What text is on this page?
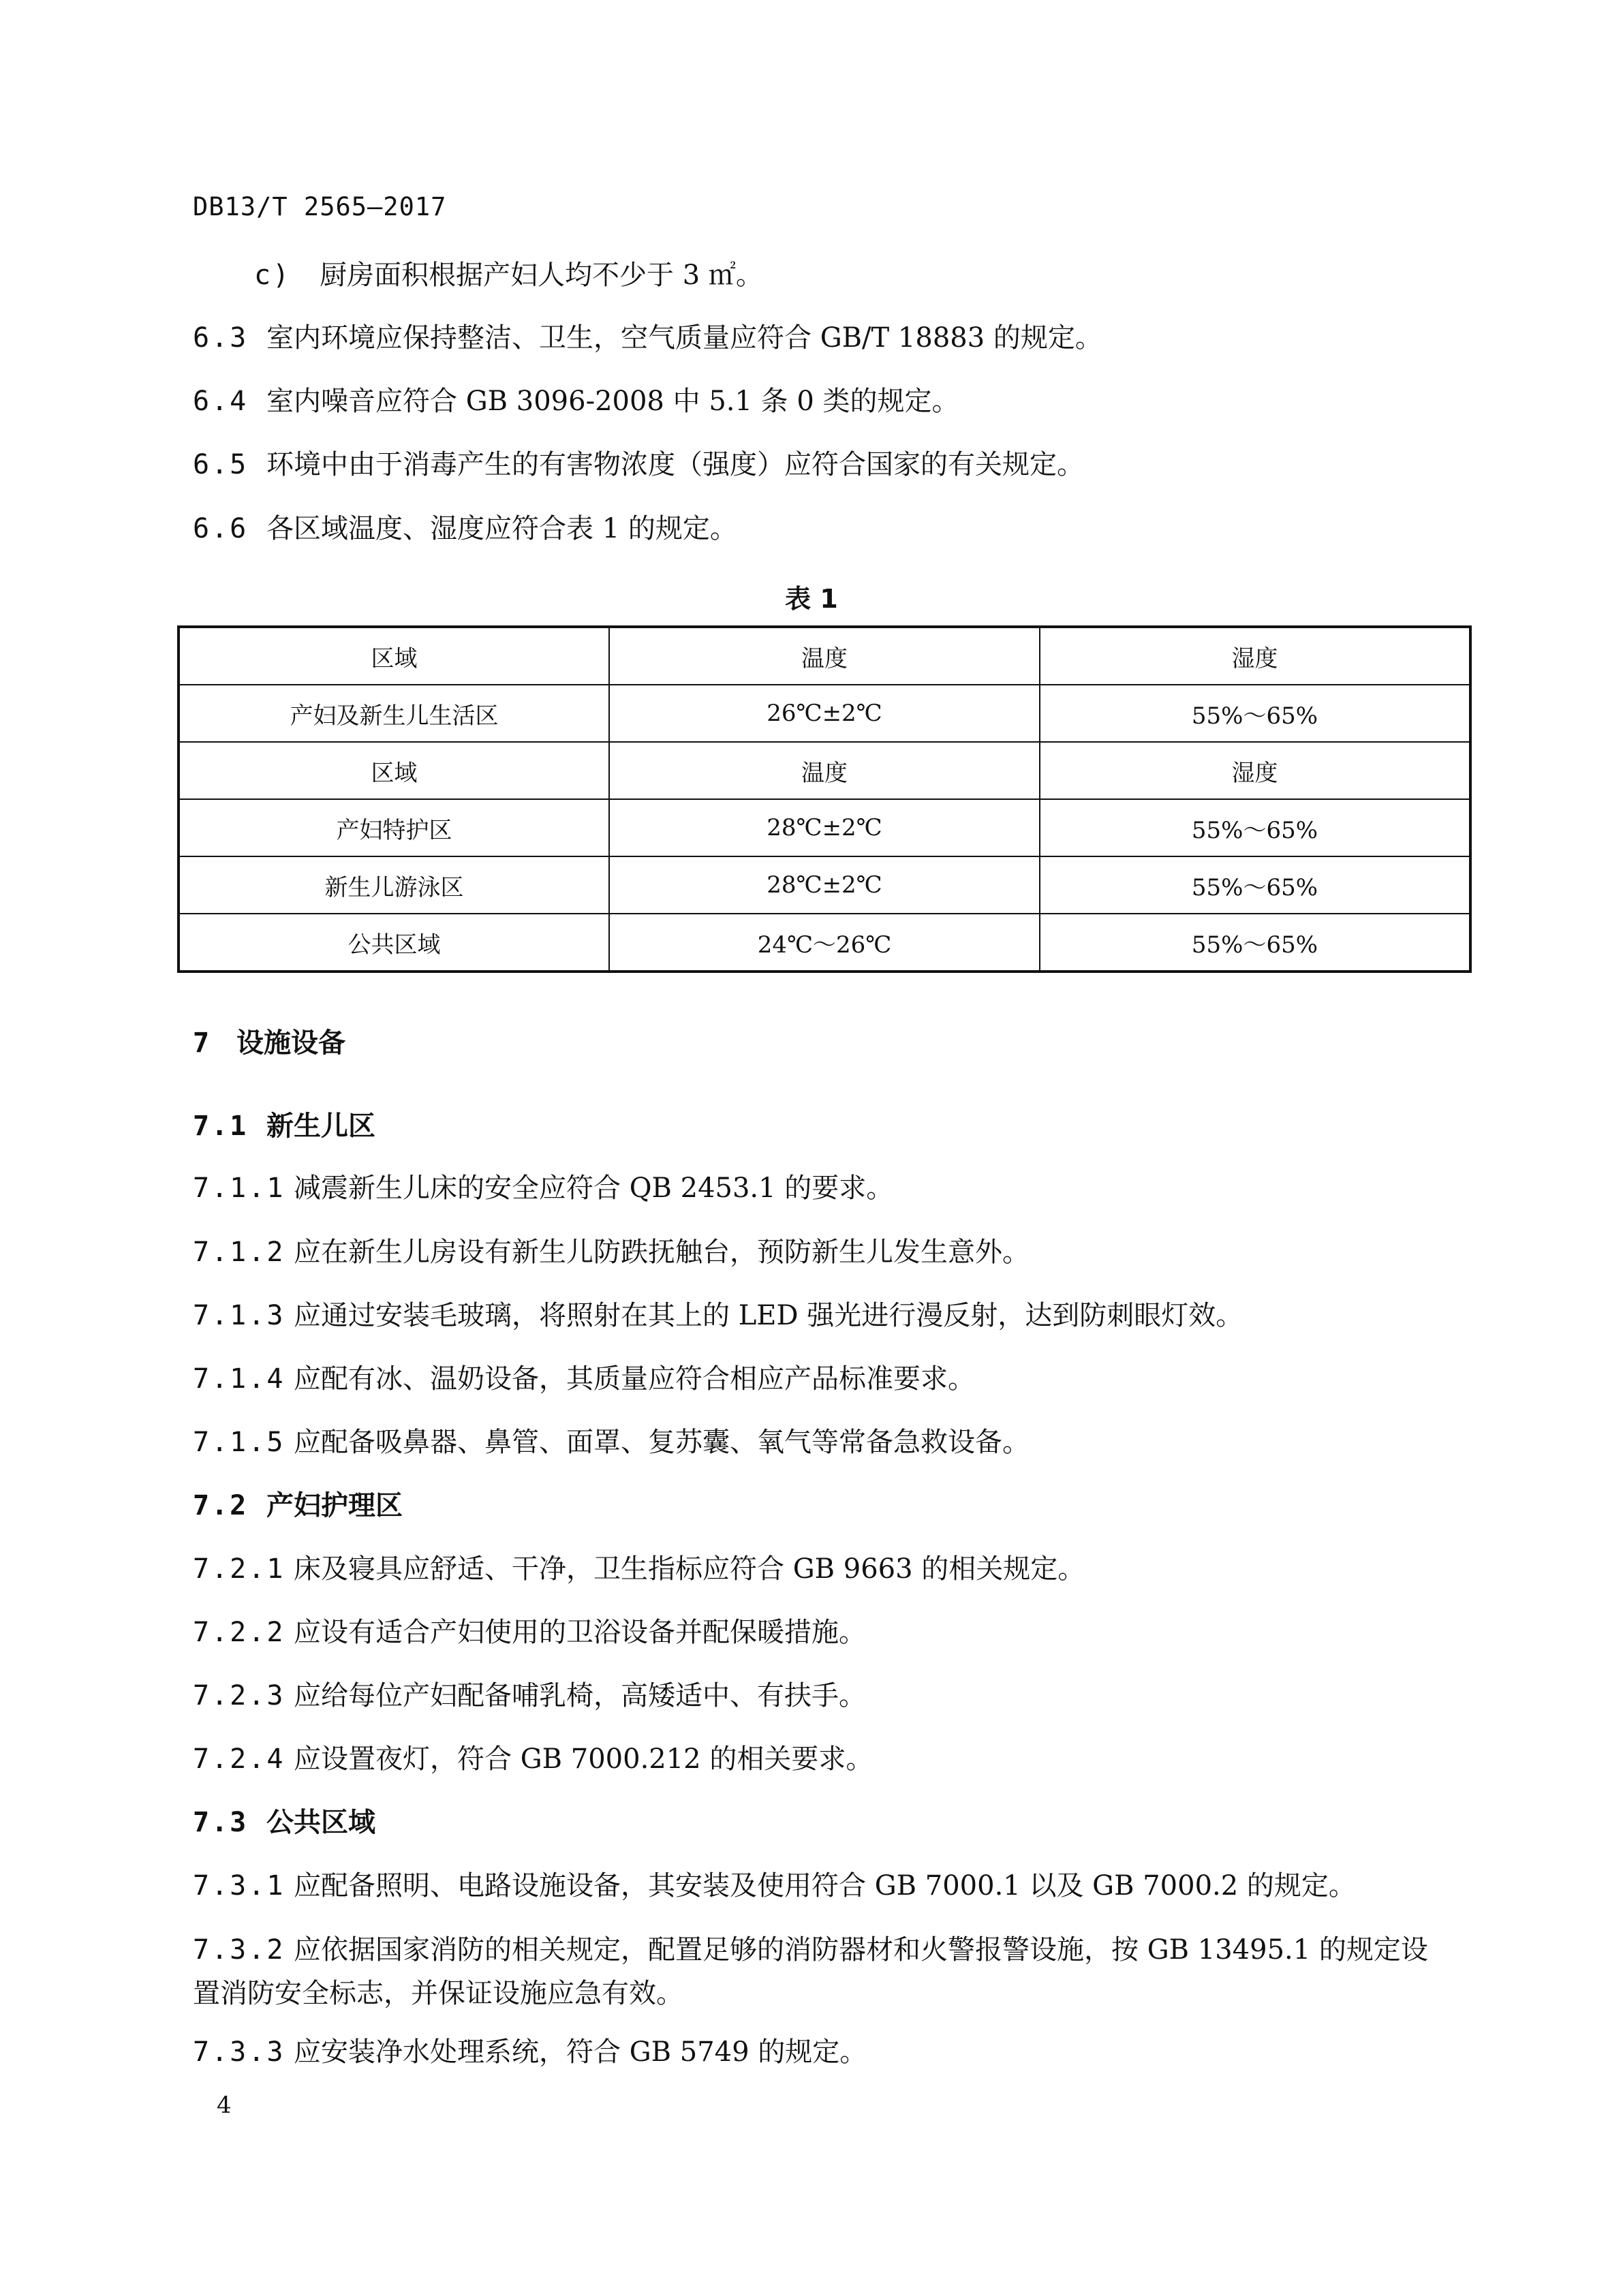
DB13/T 2565—2017
c) 厨房面积根据产妇人均不少于 3 ㎡。
6.3 室内环境应保持整洁、卫生，空气质量应符合 GB/T 18883 的规定。
6.4 室内噪音应符合 GB 3096-2008 中 5.1 条 0 类的规定。
6.5 环境中由于消毒产生的有害物浓度（强度）应符合国家的有关规定。
6.6 各区域温度、湿度应符合表 1 的规定。
表 1
区域	温度	湿度
产妇及新生儿生活区	26℃±2℃	55%～65%
区域	温度	湿度
产妇特护区	28℃±2℃	55%～65%
新生儿游泳区	28℃±2℃	55%～65%
公共区域	24℃～26℃	55%～65%
7 设施设备
7.1 新生儿区
7.1.1 减震新生儿床的安全应符合 QB 2453.1 的要求。
7.1.2 应在新生儿房设有新生儿防跌抚触台，预防新生儿发生意外。
7.1.3 应通过安装毛玻璃，将照射在其上的 LED 强光进行漫反射，达到防刺眼灯效。
7.1.4 应配有冰、温奶设备，其质量应符合相应产品标准要求。
7.1.5 应配备吸鼻器、鼻管、面罩、复苏囊、氧气等常备急救设备。
7.2 产妇护理区
7.2.1 床及寝具应舒适、干净，卫生指标应符合 GB 9663 的相关规定。
7.2.2 应设有适合产妇使用的卫浴设备并配保暖措施。
7.2.3 应给每位产妇配备哺乳椅，高矮适中、有扶手。
7.2.4 应设置夜灯，符合 GB 7000.212 的相关要求。
7.3 公共区域
7.3.1 应配备照明、电路设施设备，其安装及使用符合 GB 7000.1 以及 GB 7000.2 的规定。
7.3.2 应依据国家消防的相关规定，配置足够的消防器材和火警报警设施，按 GB 13495.1 的规定设置消防安全标志，并保证设施应急有效。
7.3.3 应安装净水处理系统，符合 GB 5749 的规定。
4
